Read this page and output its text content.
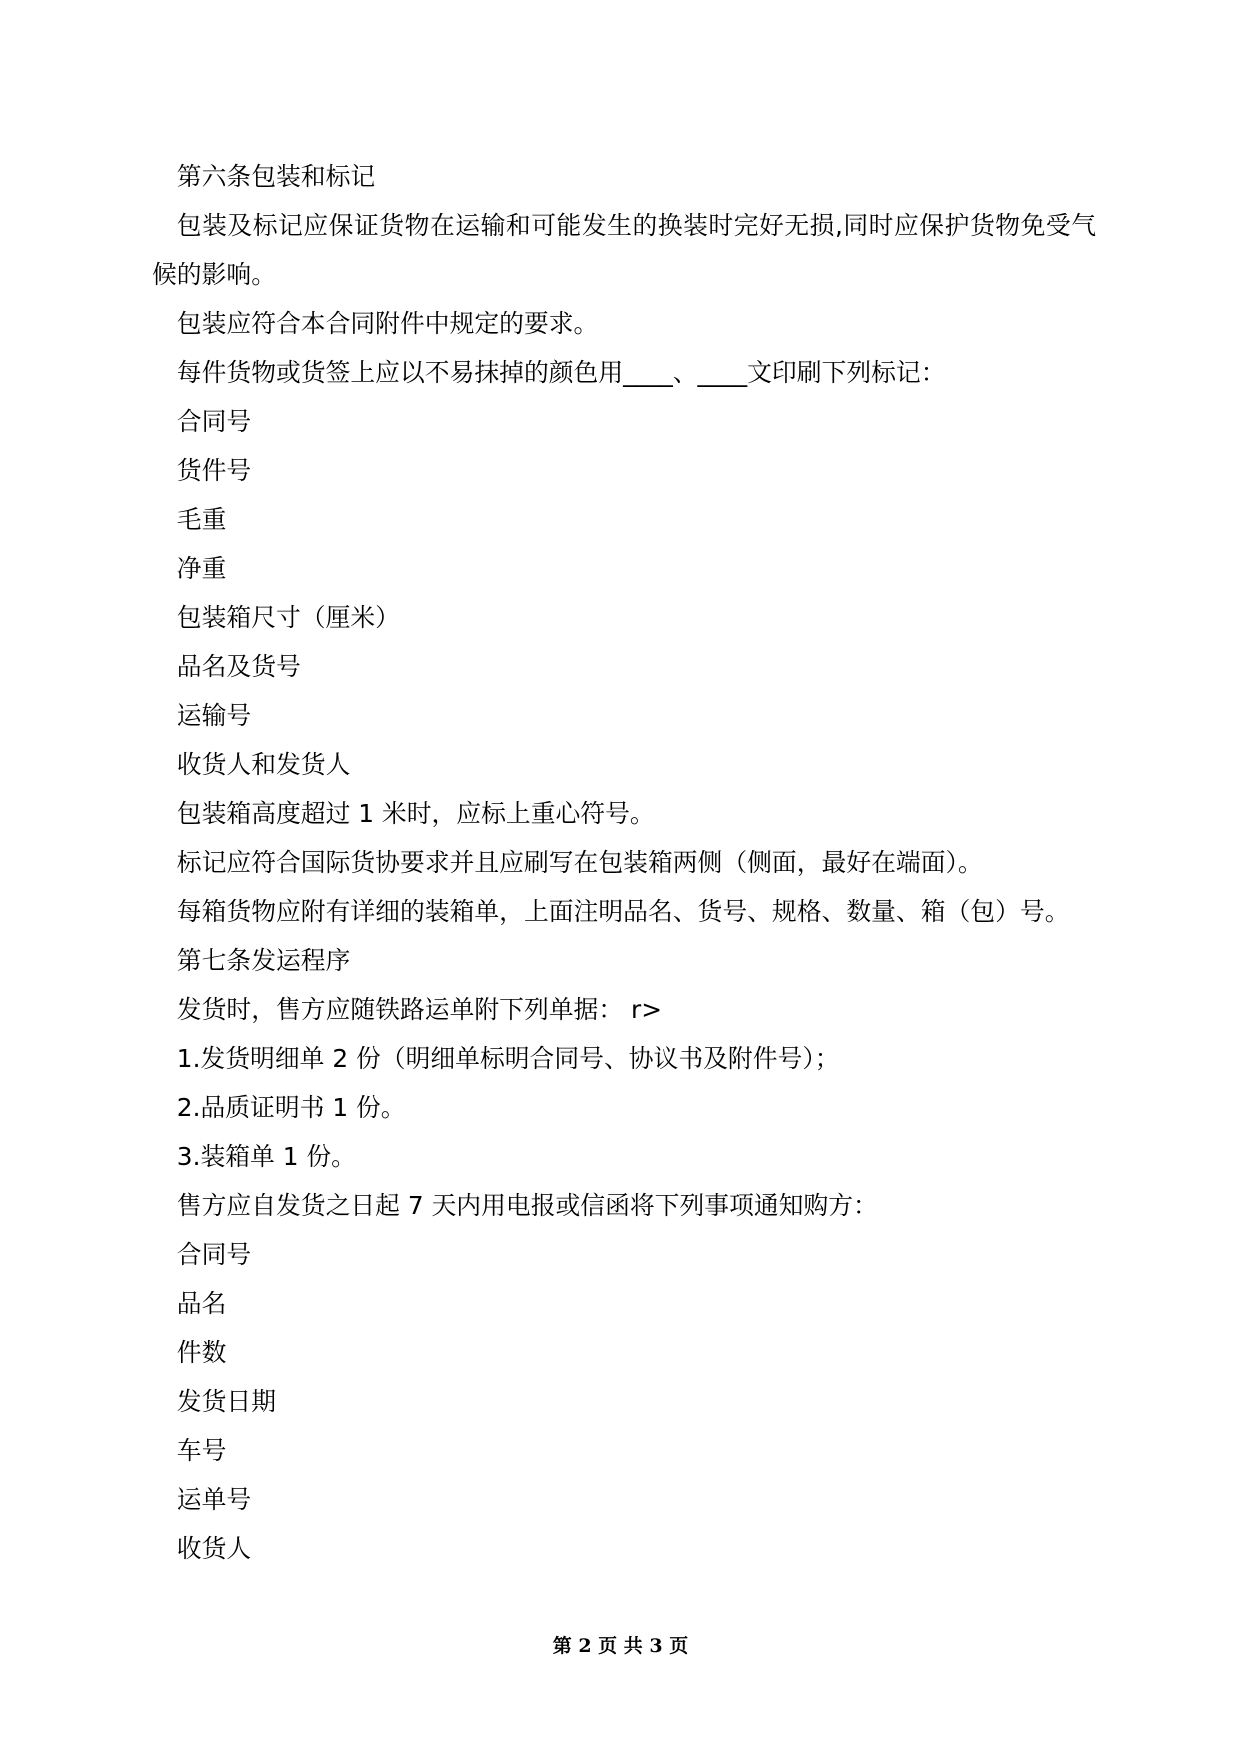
第六条包装和标记

包装及标记应保证货物在运输和可能发生的换装时完好无损,同时应保护货物免受气候的影响。

包装应符合本合同附件中规定的要求。

每件货物或货签上应以不易抹掉的颜色用____、____文印刷下列标记：

合同号

货件号

毛重

净重

包装箱尺寸（厘米）

品名及货号

运输号

收货人和发货人

包装箱高度超过 1 米时，应标上重心符号。

标记应符合国际货协要求并且应刷写在包装箱两侧（侧面，最好在端面）。

每箱货物应附有详细的装箱单，上面注明品名、货号、规格、数量、箱（包）号。

第七条发运程序

发货时，售方应随铁路运单附下列单据： r>

1.发货明细单 2 份（明细单标明合同号、协议书及附件号）；

2.品质证明书 1 份。

3.装箱单 1 份。

售方应自发货之日起 7 天内用电报或信函将下列事项通知购方：

合同号

品名

件数

发货日期

车号

运单号

收货人

第 2 页 共 3 页
